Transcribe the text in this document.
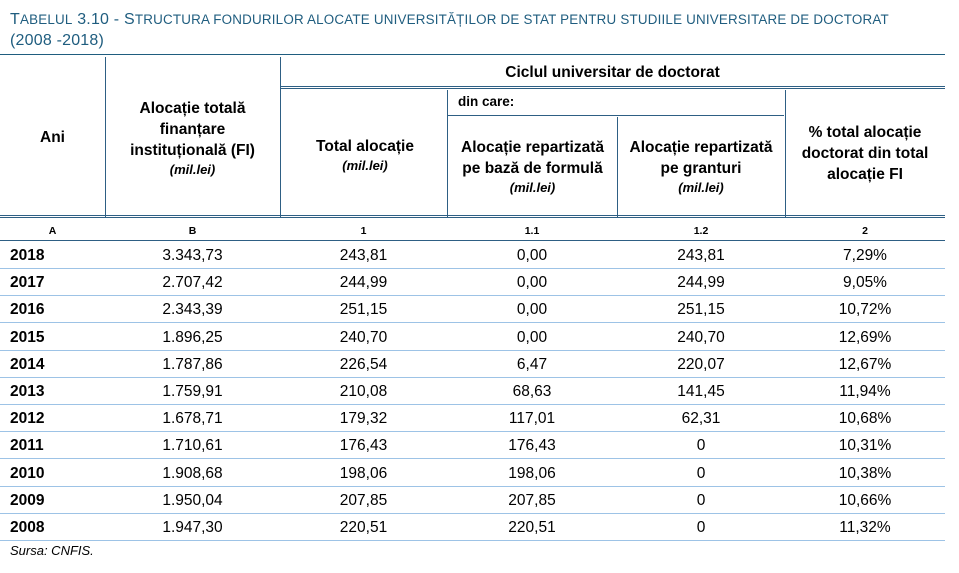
TABELUL 3.10 - STRUCTURA FONDURILOR ALOCATE UNIVERSITĂȚILOR DE STAT PENTRU STUDIILE UNIVERSITARE DE DOCTORAT
(2008 -2018)
Ciclul universitar de doctorat
din care:
Ani
Alocație totală finanțare instituțională (FI)
(mil.lei)
Total alocație
(mil.lei)
Alocație repartizată pe bază de formulă
(mil.lei)
Alocație repartizată pe granturi
(mil.lei)
% total alocație doctorat din total alocație FI
A	B	1	1.1	1.2	2
2018	3.343,73	243,81	0,00	243,81	7,29%
2017	2.707,42	244,99	0,00	244,99	9,05%
2016	2.343,39	251,15	0,00	251,15	10,72%
2015	1.896,25	240,70	0,00	240,70	12,69%
2014	1.787,86	226,54	6,47	220,07	12,67%
2013	1.759,91	210,08	68,63	141,45	11,94%
2012	1.678,71	179,32	117,01	62,31	10,68%
2011	1.710,61	176,43	176,43	0	10,31%
2010	1.908,68	198,06	198,06	0	10,38%
2009	1.950,04	207,85	207,85	0	10,66%
2008	1.947,30	220,51	220,51	0	11,32%
Sursa: CNFIS.
